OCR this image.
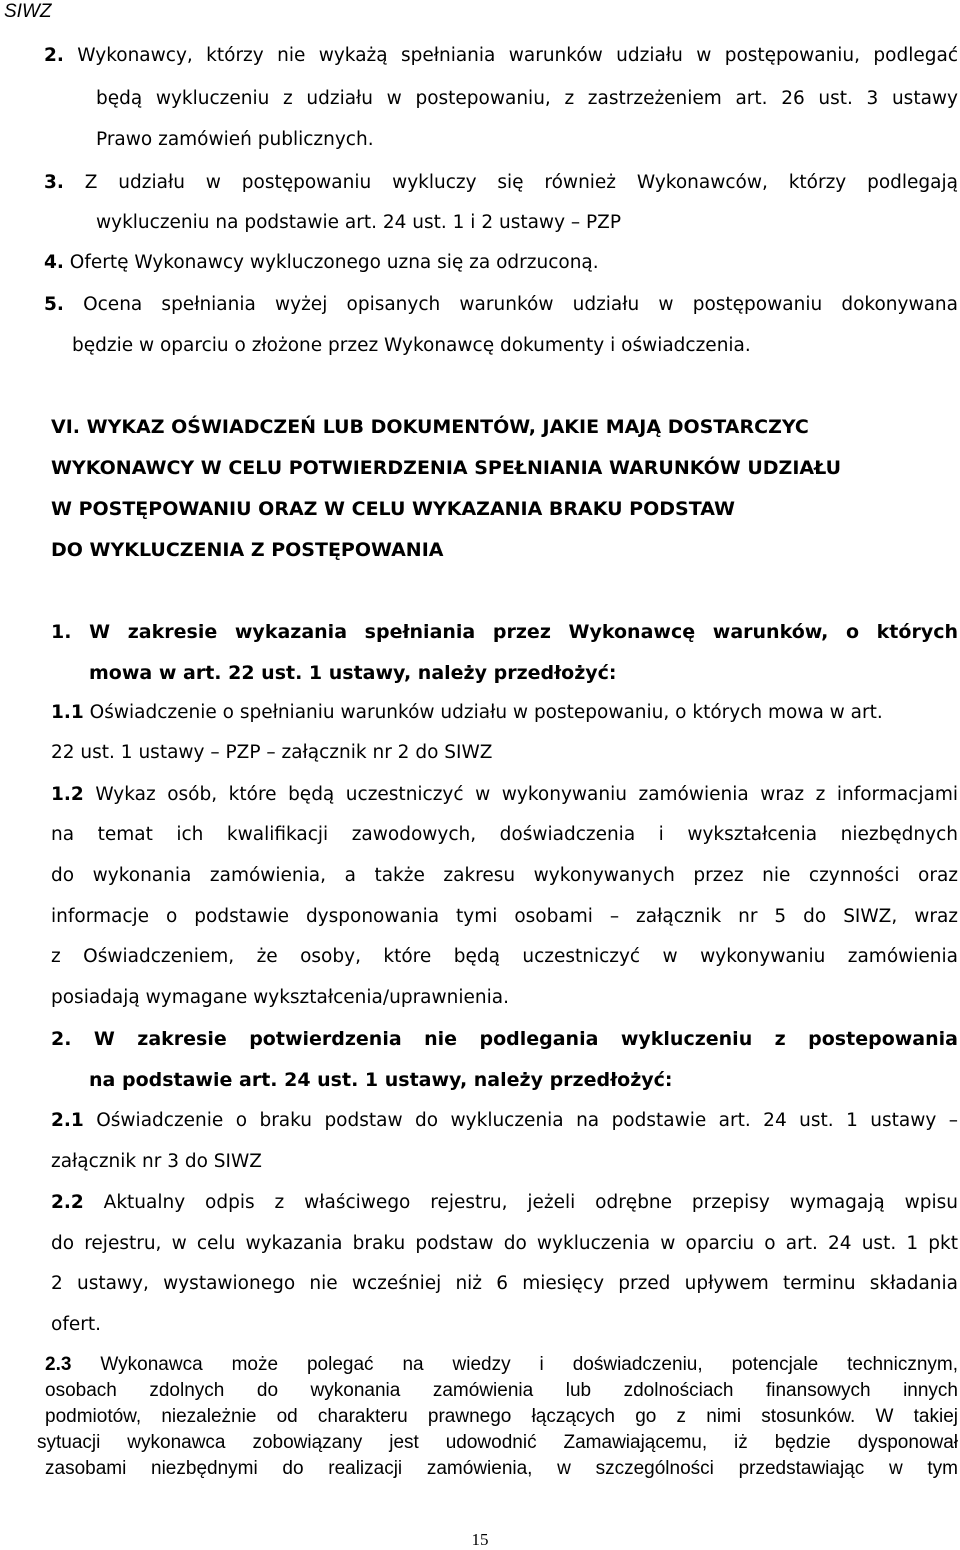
SIWZ
2. Wykonawcy, którzy nie wykażą spełniania warunków udziału w postępowaniu, podlegać
będą wykluczeniu z udziału w postepowaniu, z zastrzeżeniem art. 26 ust. 3 ustawy
Prawo zamówień publicznych.
3. Z udziału w postępowaniu wykluczy się również Wykonawców, którzy podlegają
wykluczeniu na podstawie art. 24 ust. 1 i 2 ustawy – PZP
4. Ofertę Wykonawcy wykluczonego uzna się za odrzuconą.
5. Ocena spełniania wyżej opisanych warunków udziału w postępowaniu dokonywana
będzie w oparciu o złożone przez Wykonawcę dokumenty i oświadczenia.
VI. WYKAZ OŚWIADCZEŃ LUB DOKUMENTÓW, JAKIE MAJĄ DOSTARCZYC
WYKONAWCY W CELU POTWIERDZENIA SPEŁNIANIA WARUNKÓW UDZIAŁU
W POSTĘPOWANIU ORAZ W CELU WYKAZANIA BRAKU PODSTAW
DO WYKLUCZENIA Z POSTĘPOWANIA
1. W zakresie wykazania spełniania przez Wykonawcę warunków, o których
mowa w art. 22 ust. 1 ustawy, należy przedłożyć:
1.1 Oświadczenie o spełnianiu warunków udziału w postepowaniu, o których mowa w art.
22 ust. 1 ustawy – PZP – załącznik nr 2 do SIWZ
1.2 Wykaz osób, które będą uczestniczyć w wykonywaniu zamówienia wraz z informacjami
na temat ich kwalifikacji zawodowych, doświadczenia i wykształcenia niezbędnych
do wykonania zamówienia, a także zakresu wykonywanych przez nie czynności oraz
informacje o podstawie dysponowania tymi osobami – załącznik nr 5 do SIWZ, wraz
z Oświadczeniem, że osoby, które będą uczestniczyć w wykonywaniu zamówienia
posiadają wymagane wykształcenia/uprawnienia.
2. W zakresie potwierdzenia nie podlegania wykluczeniu z postepowania
na podstawie art. 24 ust. 1 ustawy, należy przedłożyć:
2.1 Oświadczenie o braku podstaw do wykluczenia na podstawie art. 24 ust. 1 ustawy –
załącznik nr 3 do SIWZ
2.2 Aktualny odpis z właściwego rejestru, jeżeli odrębne przepisy wymagają wpisu
do rejestru, w celu wykazania braku podstaw do wykluczenia w oparciu o art. 24 ust. 1 pkt
2 ustawy, wystawionego nie wcześniej niż 6 miesięcy przed upływem terminu składania
ofert.
2.3 Wykonawca może polegać na wiedzy i doświadczeniu, potencjale technicznym,
osobach zdolnych do wykonania zamówienia lub zdolnościach finansowych innych
podmiotów, niezależnie od charakteru prawnego łączących go z nimi stosunków. W takiej
sytuacji wykonawca zobowiązany jest udowodnić Zamawiającemu, iż będzie dysponował
zasobami niezbędnymi do realizacji zamówienia, w szczególności przedstawiając w tym
15
